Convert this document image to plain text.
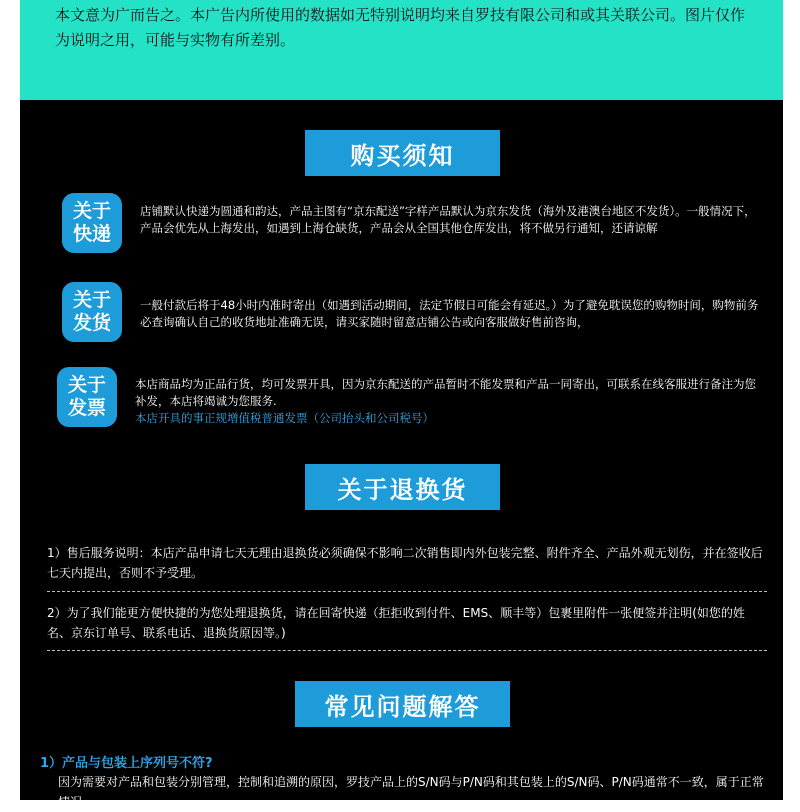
本文意为广而告之。本广告内所使用的数据如无特别说明均来自罗技有限公司和或其关联公司。图片仅作为说明之用，可能与实物有所差别。

购买须知
关于
快递

店铺默认快递为圆通和韵达，产品主图有“京东配送”字样产品默认为京东发货（海外及港澳台地区不发货）。一般情况下，产品会优先从上海发出，如遇到上海仓缺货，产品会从全国其他仓库发出，将不做另行通知，还请谅解

关于
发货

一般付款后将于48小时内准时寄出（如遇到活动期间，法定节假日可能会有延迟。）为了避免耽误您的购物时间，购物前务必查询确认自己的收货地址准确无误，请买家随时留意店铺公告或向客服做好售前咨询，

关于
发票
本店商品均为正品行货，均可发票开具，因为京东配送的产品暂时不能发票和产品一同寄出，可联系在线客服进行备注为您补发，本店将竭诚为您服务.
本店开具的事正规增值税普通发票（公司抬头和公司税号）
关于退换货

1）售后服务说明：本店产品申请七天无理由退换货必须确保不影响二次销售即内外包装完整、附件齐全、产品外观无划伤，并在签收后七天内提出，否则不予受理。

2）为了我们能更方便快捷的为您处理退换货，请在回寄快递（拒拒收到付件、EMS、顺丰等）包裹里附件一张便签并注明(如您的姓名、京东订单号、联系电话、退换货原因等。)

常见问题解答

1）产品与包装上序列号不符?

因为需要对产品和包装分别管理，控制和追溯的原因，罗技产品上的S/N码与P/N码和其包装上的S/N码、P/N码通常不一致，属于正常情况。
